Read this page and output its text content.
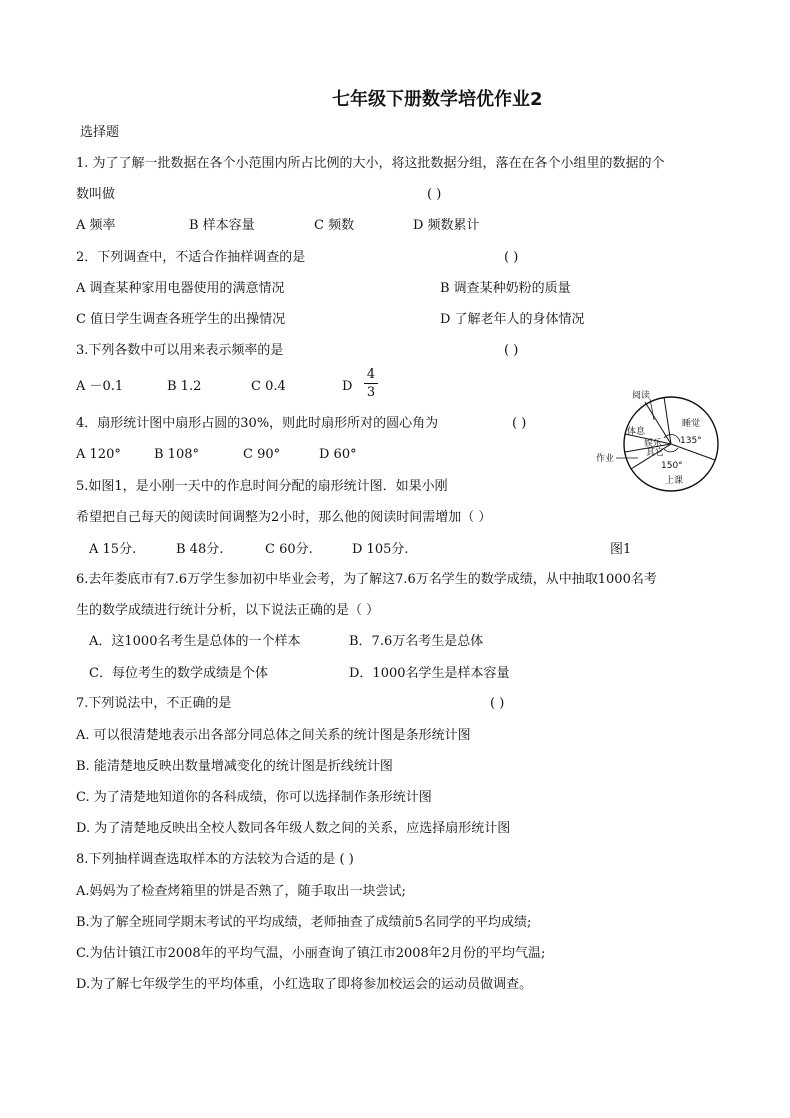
七年级下册数学培优作业2
选择题
1. 为了了解一批数据在各个小范围内所占比例的大小，将这批数据分组，落在在各个小组里的数据的个
数叫做	( )
A 频率	B 样本容量	C 频数	D 频数累计
2．下列调查中，不适合作抽样调查的是	( )
A 调查某种家用电器使用的满意情况	B 调查某种奶粉的质量
C 值日学生调查各班学生的出操情况	D 了解老年人的身体情况
3.下列各数中可以用来表示频率的是	( )
A －0.1	B 1.2	C 0.4	D
4
3
4．扇形统计图中扇形占圆的30%，则此时扇形所对的圆心角为	( )
A 120°	B 108°	C 90°	D 60°
阅读
睡觉
体息
娱乐
150°
135°
其它
作业
上课
5.如图1，是小刚一天中的作息时间分配的扇形统计图．如果小刚
希望把自己每天的阅读时间调整为2小时，那么他的阅读时间需增加（ ）
A 15分.	B 48分.	C 60分.	D 105分.	图1
6.去年娄底市有7.6万学生参加初中毕业会考，为了解这7.6万名学生的数学成绩，从中抽取1000名考
生的数学成绩进行统计分析，以下说法正确的是（ ）
A．这1000名考生是总体的一个样本	B．7.6万名考生是总体
C．每位考生的数学成绩是个体	D．1000名学生是样本容量
7.下列说法中，不正确的是	( )
A. 可以很清楚地表示出各部分同总体之间关系的统计图是条形统计图
B. 能清楚地反映出数量增减变化的统计图是折线统计图
C. 为了清楚地知道你的各科成绩，你可以选择制作条形统计图
D. 为了清楚地反映出全校人数同各年级人数之间的关系，应选择扇形统计图
8.下列抽样调查选取样本的方法较为合适的是 ( )
A.妈妈为了检查烤箱里的饼是否熟了，随手取出一块尝试;
B.为了解全班同学期末考试的平均成绩，老师抽查了成绩前5名同学的平均成绩;
C.为估计镇江市2008年的平均气温，小丽查询了镇江市2008年2月份的平均气温;
D.为了解七年级学生的平均体重，小红选取了即将参加校运会的运动员做调查。
